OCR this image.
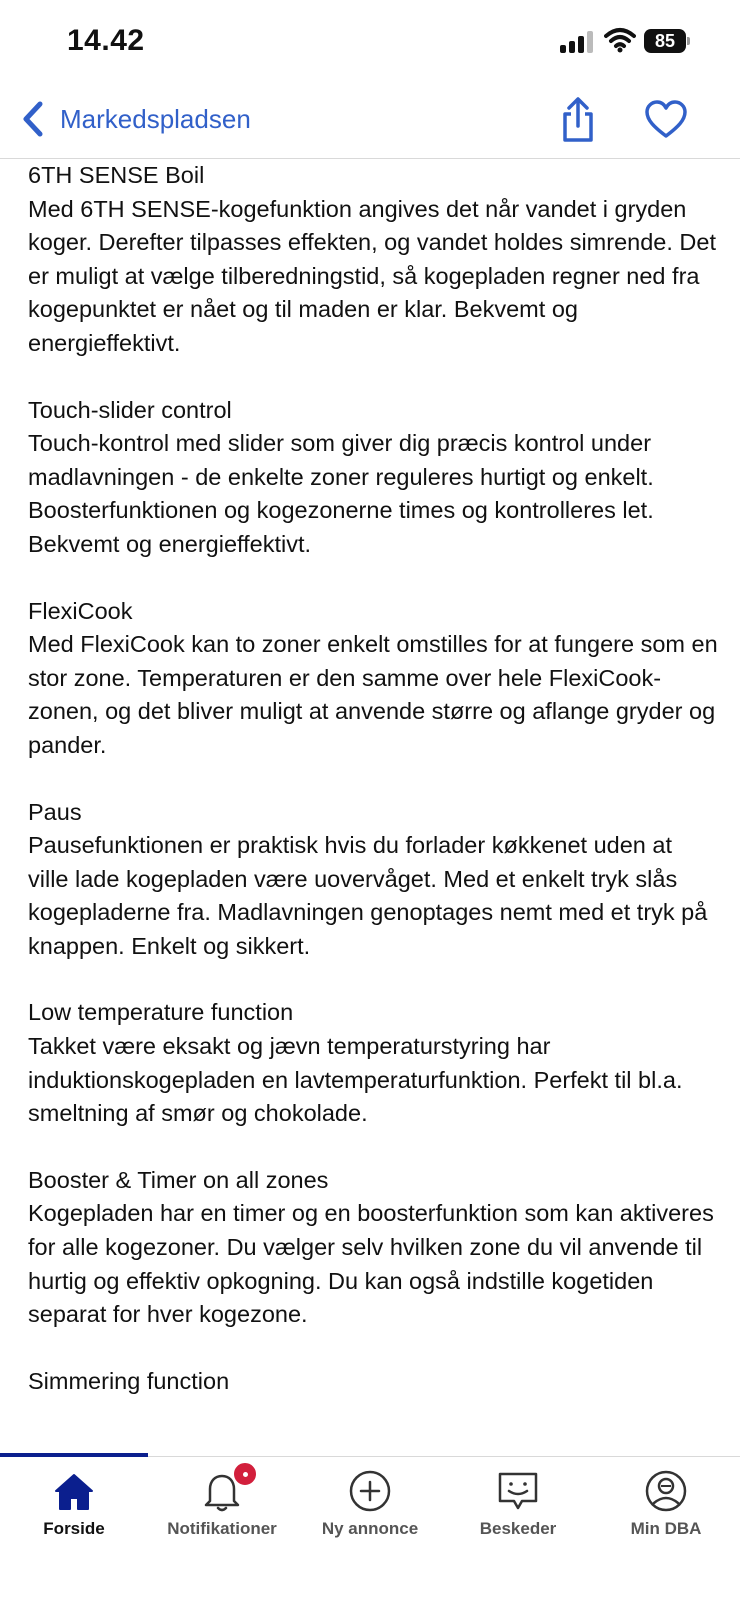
14.42	85
Markedspladsen

6TH SENSE Boil

Med 6TH SENSE-kogefunktion angives det når vandet i gryden koger. Derefter tilpasses effekten, og vandet holdes simrende. Det er muligt at vælge tilberedningstid, så kogepladen regner ned fra kogepunktet er nået og til maden er klar. Bekvemt og energieffektivt.

Touch-slider control

Touch-kontrol med slider som giver dig præcis kontrol under madlavningen - de enkelte zoner reguleres hurtigt og enkelt. Boosterfunktionen og kogezonerne times og kontrolleres let. Bekvemt og energieffektivt.

FlexiCook

Med FlexiCook kan to zoner enkelt omstilles for at fungere som en stor zone. Temperaturen er den samme over hele FlexiCook-zonen, og det bliver muligt at anvende større og aflange gryder og pander.

Paus

Pausefunktionen er praktisk hvis du forlader køkkenet uden at ville lade kogepladen være uovervåget. Med et enkelt tryk slås kogepladerne fra. Madlavningen genoptages nemt med et tryk på knappen. Enkelt og sikkert.

Low temperature function

Takket være eksakt og jævn temperaturstyring har induktionskogepladen en lavtemperaturfunktion. Perfekt til bl.a. smeltning af smør og chokolade.

Booster & Timer on all zones

Kogepladen har en timer og en boosterfunktion som kan aktiveres for alle kogezoner. Du vælger selv hvilken zone du vil anvende til hurtig og effektiv opkogning. Du kan også indstille kogetiden separat for hver kogezone.

Simmering function

Forside	Notifikationer	Ny annonce	Beskeder	Min DBA
